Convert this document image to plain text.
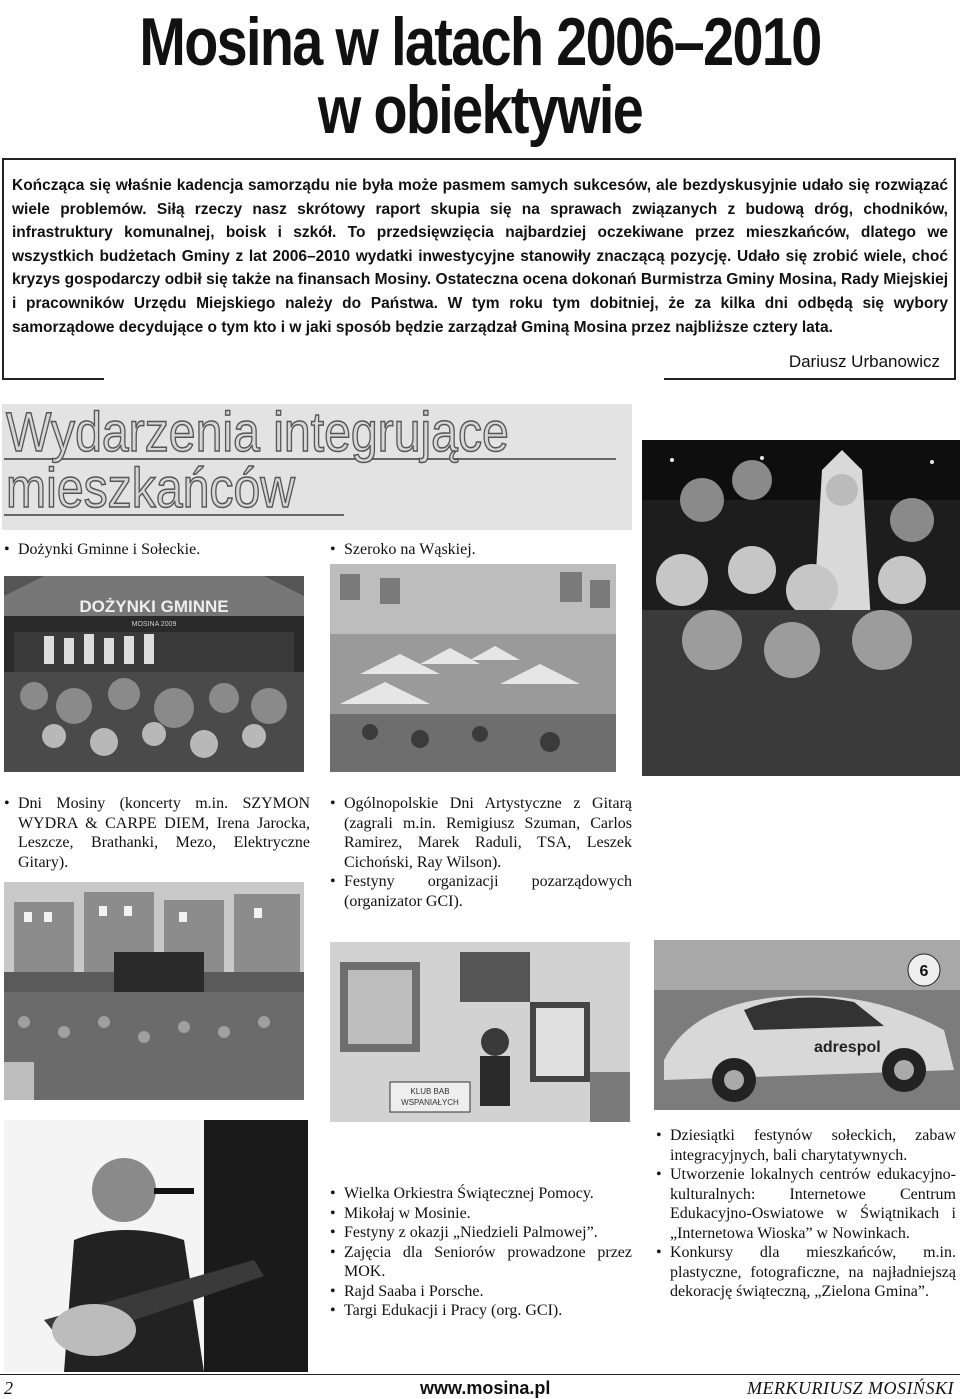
Mosina w latach 2006–2010
w obiektywie
Kończąca się właśnie kadencja samorządu nie była może pasmem samych sukcesów, ale bezdyskusyjnie udało się rozwiązać wiele problemów. Siłą rzeczy nasz skrótowy raport skupia się na sprawach związanych z budową dróg, chodników, infrastruktury komunalnej, boisk i szkół. To przedsięwzięcia najbardziej oczekiwane przez mieszkańców, dlatego we wszystkich budżetach Gminy z lat 2006–2010 wydatki inwestycyjne stanowiły znaczącą pozycję. Udało się zrobić wiele, choć kryzys gospodarczy odbił się także na finansach Mosiny. Ostateczna ocena dokonań Burmistrza Gminy Mosina, Rady Miejskiej i pracowników Urzędu Miejskiego należy do Państwa. W tym roku tym dobitniej, że za kilka dni odbędą się wybory samorządowe decydujące o tym kto i w jaki sposób będzie zarządzał Gminą Mosina przez najbliższe cztery lata.
Dariusz Urbanowicz
Wydarzenia integrujące
mieszkańców
• Dożynki Gminne i Sołeckie.
•	Szeroko na Wąskiej.
• Dni Mosiny (koncerty m.in. SZYMON WYDRA & CARPE DIEM, Irena Jarocka, Leszcze, Brathanki, Mezo, Elektryczne Gitary).
• Ogólnopolskie Dni Artystyczne z Gitarą (zagrali m.in. Remigiusz Szuman, Carlos Ramirez, Marek Raduli, TSA, Leszek Cichoński, Ray Wilson).
• Festyny organizacji pozarządowych (organizator GCI).
• Wielka Orkiestra Świątecznej Pomocy.
• Mikołaj w Mosinie.
• Festyny z okazji „Niedzieli Palmowej”.
• Zajęcia dla Seniorów prowadzone przez MOK.
• Rajd Saaba i Porsche.
• Targi Edukacji i Pracy (org. GCI).
• Dziesiątki festynów sołeckich, zabaw integracyjnych, bali charytatywnych.
• Utworzenie lokalnych centrów edukacyjno-kulturalnych: Internetowe Centrum Edukacyjno-Oswiatowe w Świątnikach i „Internetowa Wioska” w Nowinkach.
• Konkursy dla mieszkańców, m.in. plastyczne, fotograficzne, na najładniejszą dekorację świąteczną, „Zielona Gmina”.
DOŻYNKI GMINNE
MOSINA 2009
KLUB BAB
WSPANIAŁYCH
adrespol
6
2	www.mosina.pl	MERKURIUSZ MOSIŃSKI
